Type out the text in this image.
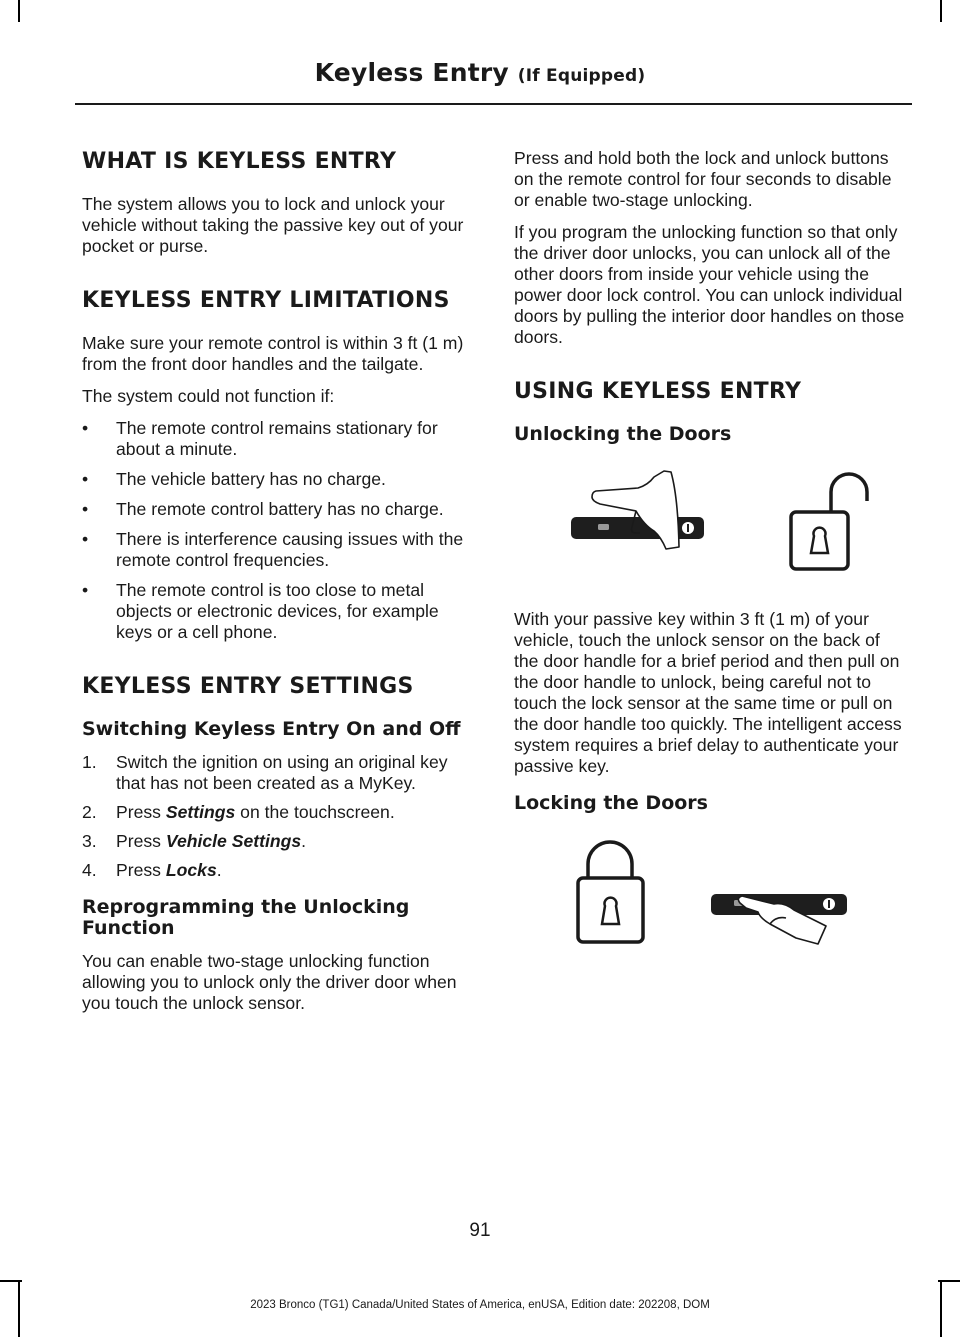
Keyless Entry (If Equipped)
WHAT IS KEYLESS ENTRY

The system allows you to lock and unlock your vehicle without taking the passive key out of your pocket or purse.

KEYLESS ENTRY LIMITATIONS

Make sure your remote control is within 3 ft (1 m) from the front door handles and the tailgate.

The system could not function if:

• The remote control remains stationary for about a minute.
• The vehicle battery has no charge.
• The remote control battery has no charge.
• There is interference causing issues with the remote control frequencies.
• The remote control is too close to metal objects or electronic devices, for example keys or a cell phone.
KEYLESS ENTRY SETTINGS
Switching Keyless Entry On and Off
1. Switch the ignition on using an original key that has not been created as a MyKey.
2. Press Settings on the touchscreen.
3. Press Vehicle Settings.
4. Press Locks.
Reprogramming the Unlocking Function

You can enable two-stage unlocking function allowing you to unlock only the driver door when you touch the unlock sensor.

Press and hold both the lock and unlock buttons on the remote control for four seconds to disable or enable two-stage unlocking.

If you program the unlocking function so that only the driver door unlocks, you can unlock all of the other doors from inside your vehicle using the power door lock control. You can unlock individual doors by pulling the interior door handles on those doors.

USING KEYLESS ENTRY
Unlocking the Doors

With your passive key within 3 ft (1 m) of your vehicle, touch the unlock sensor on the back of the door handle for a brief period and then pull on the door handle to unlock, being careful not to touch the lock sensor at the same time or pull on the door handle too quickly. The intelligent access system requires a brief delay to authenticate your passive key.

Locking the Doors
91
2023 Bronco (TG1) Canada/United States of America, enUSA, Edition date: 202208, DOM
